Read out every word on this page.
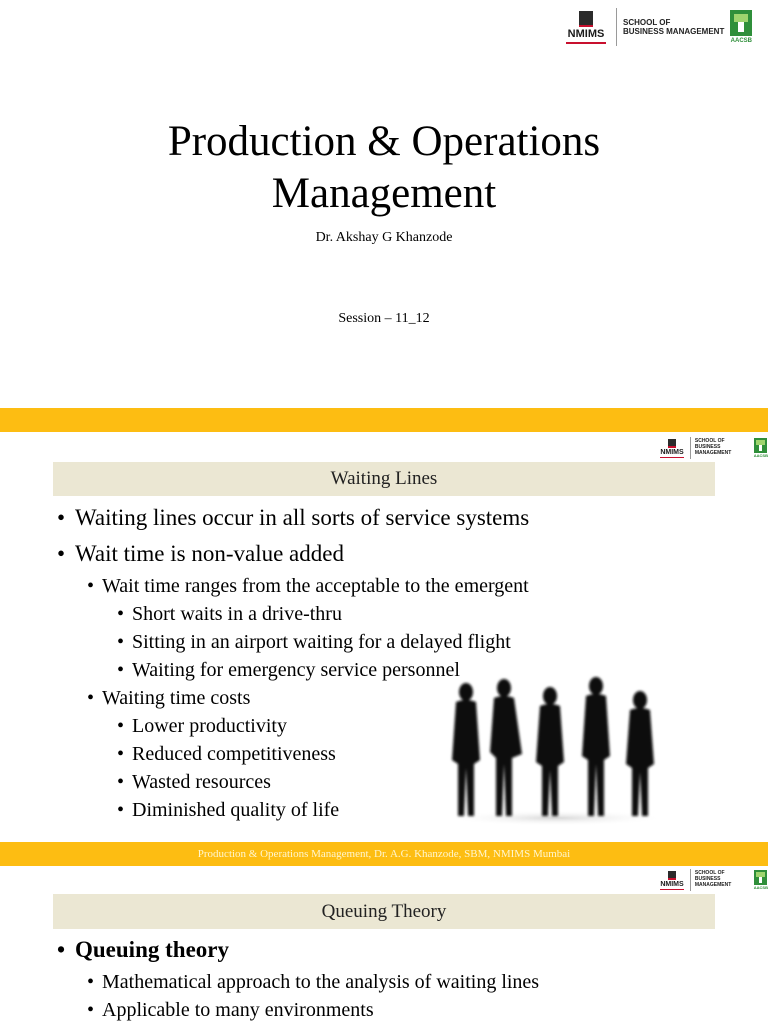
NMIMS
SCHOOL OF
BUSINESS MANAGEMENT
AACSB
Production & Operations
Management
Dr. Akshay G Khanzode
Session – 11_12
NMIMS
SCHOOL OF
BUSINESS MANAGEMENT	AACSB
Waiting Lines
• Waiting lines occur in all sorts of service systems
• Wait time is non-value added
• Wait time ranges from the acceptable to the emergent
• Short waits in a drive-thru
• Sitting in an airport waiting for a delayed flight
• Waiting for emergency service personnel
• Waiting time costs
• Lower productivity
• Reduced competitiveness
• Wasted resources
• Diminished quality of life
Production & Operations Management, Dr. A.G. Khanzode, SBM, NMIMS Mumbai
NMIMS
SCHOOL OF
BUSINESS MANAGEMENT	AACSB
Queuing Theory
• Queuing theory
• Mathematical approach to the analysis of waiting lines
• Applicable to many environments
